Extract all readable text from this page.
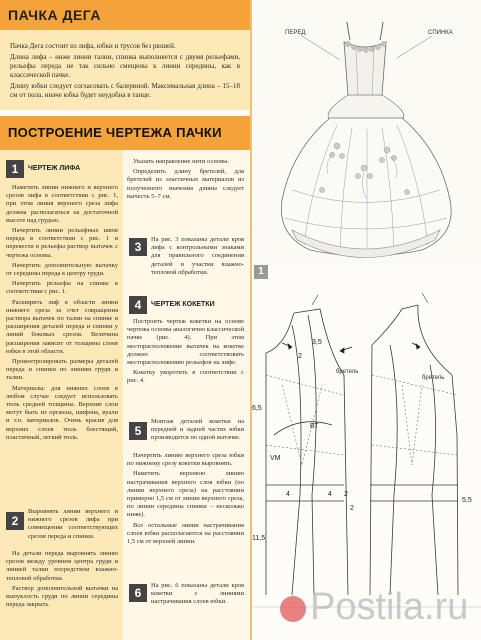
ПАЧКА ДЕГА

Пачка Дега состоит из лифа, юбки и трусов без рюшей.

Длина лифа – ниже линии талии, спинка выполняется с двумя рельефами, рельефы переда не так сильно смещены к линии середины, как в классической пачке.

Длину юбки следует согласовать с балериной. Максимальная длина – 15–18 см от пола, иначе юбка будет неудобна в танце.

ПОСТРОЕНИЕ ЧЕРТЕЖА ПАЧКИ
1	ЧЕРТЕЖ ЛИФА

Наметить линии нижнего и верхнего срезов лифа в соответствии с рис. 1, при этом линия верхнего среза лифа должна располагаться на достаточной высоте над грудью.

Начертить линии рельефных швов переда в соответствии с рис. 1 и перевести в рельефы раствор вытачек с чертежа основы.

Начертить дополнительную вытачку от середины переда к центру груди.

Начертить рельефы на спинке в соответствии с рис. 1.

Расширить лиф в области линии нижнего среза за счет сокращения раствора вытачек по талии на спинке и расширения деталей переда и спинки у линий боковых срезов. Величина расширения зависит от толщины слоев юбки в этой области.

Проконтролировать размеры деталей переда и спинки по линиям груди и талии.

Материалы: для нижних слоев в любом случае следует использовать тюль средней толщины. Верхние слои могут быть из органзы, шифона, вуали и т.п. материалов. Очень красив для верхних слоев тюль блестящий, пластичный, легкий тюль.

2
Выровнять линии верхнего и нижнего срезов лифа при совмещении соответствующих срезов переда и спинки.

На детали переда выровнять линию срезов между уровнем центра груди и линией талии посредством влажно-тепловой обработки.

Раствор дополнительной вытачки на выпуклость груди по линии середины переда закрыть.

Указать направление нити основы.

Определить длину бретелей, для бретелей из эластичных материалов из полученного значения длины следует вычесть 5–7 см.

3
На рис. 3 показаны детали кроя лифа с контрольными знаками для правильного соединения деталей и участки влажно-тепловой обработки.
4	ЧЕРТЕЖ КОКЕТКИ

Построить чертеж кокетки на основе чертежа основы аналогично классической пачке (рис. 4). При этом месторасположение вытачек на кокетке должно соответствовать месторасположению рельефов на лифе.

Кокетку укоротить в соответствии с рис. 4.

5
Монтаж деталей кокетки на передней и задней частях юбки производится по одной вытачке.

Начертить линию верхнего среза юбки по нижнему срезу кокетки выровнять.

Наметить верхнюю линию настрачивания верхнего слоя юбки (по линии верхнего среза) на расстоянии примерно 1,5 см от линии верхнего среза, по линии середины спинки – несколько ниже).

Все остальные линии настрачивания слоев юбки располагаются на расстоянии 1,5 см от верхней линии.

6
На рис. 6 показаны детали кроя кокетки с линиями настрачивания слоев юбки.
ПЕРЕД	СПИНКА
1
3,5
2
бретель
бретель
6,5
ВТ
VM
4	4 2
2
11,5
5,5
Postila.ru
